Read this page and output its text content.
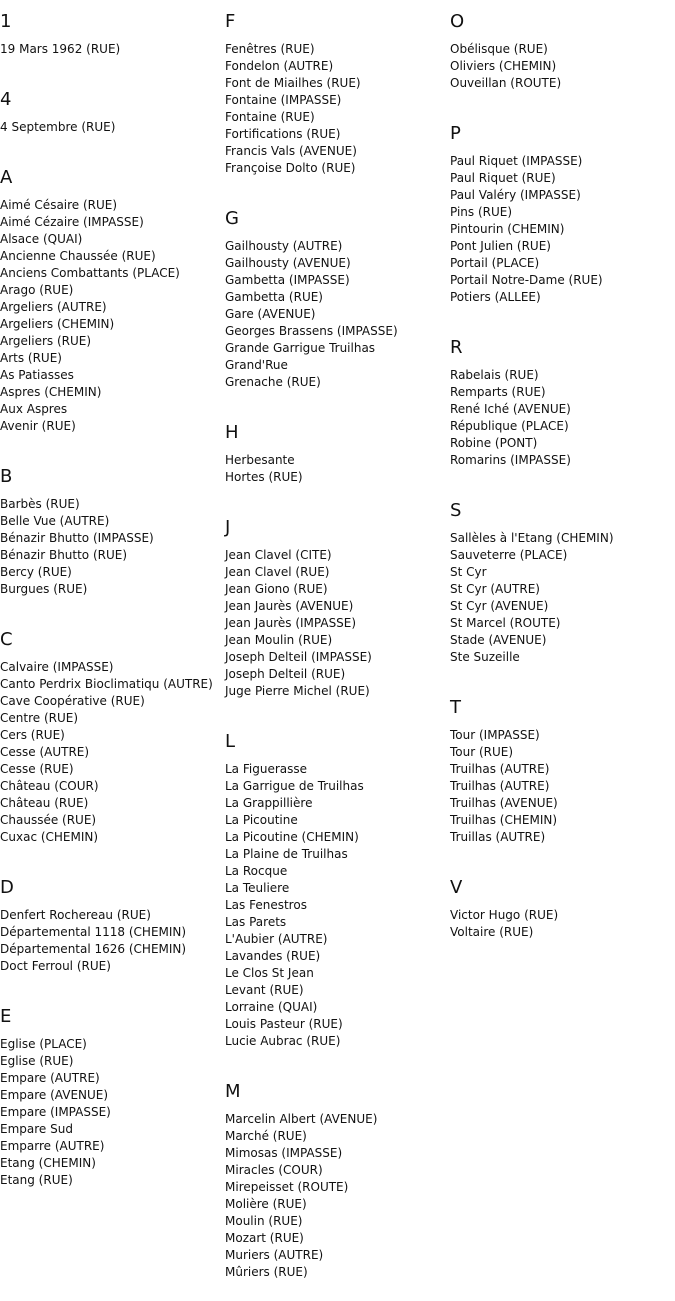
1
19 Mars 1962 (RUE)
4
4 Septembre (RUE)
A
Aimé Césaire (RUE)
Aimé Cézaire (IMPASSE)
Alsace (QUAI)
Ancienne Chaussée (RUE)
Anciens Combattants (PLACE)
Arago (RUE)
Argeliers (AUTRE)
Argeliers (CHEMIN)
Argeliers (RUE)
Arts (RUE)
As Patiasses
Aspres (CHEMIN)
Aux Aspres
Avenir (RUE)
B
Barbès (RUE)
Belle Vue (AUTRE)
Bénazir Bhutto (IMPASSE)
Bénazir Bhutto (RUE)
Bercy (RUE)
Burgues (RUE)
C
Calvaire (IMPASSE)
Canto Perdrix Bioclimatiqu (AUTRE)
Cave Coopérative (RUE)
Centre (RUE)
Cers (RUE)
Cesse (AUTRE)
Cesse (RUE)
Château (COUR)
Château (RUE)
Chaussée (RUE)
Cuxac (CHEMIN)
D
Denfert Rochereau (RUE)
Départemental 1118 (CHEMIN)
Départemental 1626 (CHEMIN)
Doct Ferroul (RUE)
E
Eglise (PLACE)
Eglise (RUE)
Empare (AUTRE)
Empare (AVENUE)
Empare (IMPASSE)
Empare Sud
Emparre (AUTRE)
Etang (CHEMIN)
Etang (RUE)
F
Fenêtres (RUE)
Fondelon (AUTRE)
Font de Miailhes (RUE)
Fontaine (IMPASSE)
Fontaine (RUE)
Fortifications (RUE)
Francis Vals (AVENUE)
Françoise Dolto (RUE)
G
Gailhousty (AUTRE)
Gailhousty (AVENUE)
Gambetta (IMPASSE)
Gambetta (RUE)
Gare (AVENUE)
Georges Brassens (IMPASSE)
Grande Garrigue Truilhas
Grand'Rue
Grenache (RUE)
H
Herbesante
Hortes (RUE)
J
Jean Clavel (CITE)
Jean Clavel (RUE)
Jean Giono (RUE)
Jean Jaurès (AVENUE)
Jean Jaurès (IMPASSE)
Jean Moulin (RUE)
Joseph Delteil (IMPASSE)
Joseph Delteil (RUE)
Juge Pierre Michel (RUE)
L
La Figuerasse
La Garrigue de Truilhas
La Grappillière
La Picoutine
La Picoutine (CHEMIN)
La Plaine de Truilhas
La Rocque
La Teuliere
Las Fenestros
Las Parets
L'Aubier (AUTRE)
Lavandes (RUE)
Le Clos St Jean
Levant (RUE)
Lorraine (QUAI)
Louis Pasteur (RUE)
Lucie Aubrac (RUE)
M
Marcelin Albert (AVENUE)
Marché (RUE)
Mimosas (IMPASSE)
Miracles (COUR)
Mirepeisset (ROUTE)
Molière (RUE)
Moulin (RUE)
Mozart (RUE)
Muriers (AUTRE)
Mûriers (RUE)
O
Obélisque (RUE)
Oliviers (CHEMIN)
Ouveillan (ROUTE)
P
Paul Riquet (IMPASSE)
Paul Riquet (RUE)
Paul Valéry (IMPASSE)
Pins (RUE)
Pintourin (CHEMIN)
Pont Julien (RUE)
Portail (PLACE)
Portail Notre-Dame (RUE)
Potiers (ALLEE)
R
Rabelais (RUE)
Remparts (RUE)
René Iché (AVENUE)
République (PLACE)
Robine (PONT)
Romarins (IMPASSE)
S
Sallèles à l'Etang (CHEMIN)
Sauveterre (PLACE)
St Cyr
St Cyr (AUTRE)
St Cyr (AVENUE)
St Marcel (ROUTE)
Stade (AVENUE)
Ste Suzeille
T
Tour (IMPASSE)
Tour (RUE)
Truilhas (AUTRE)
Truilhas (AUTRE)
Truilhas (AVENUE)
Truilhas (CHEMIN)
Truillas (AUTRE)
V
Victor Hugo (RUE)
Voltaire (RUE)
